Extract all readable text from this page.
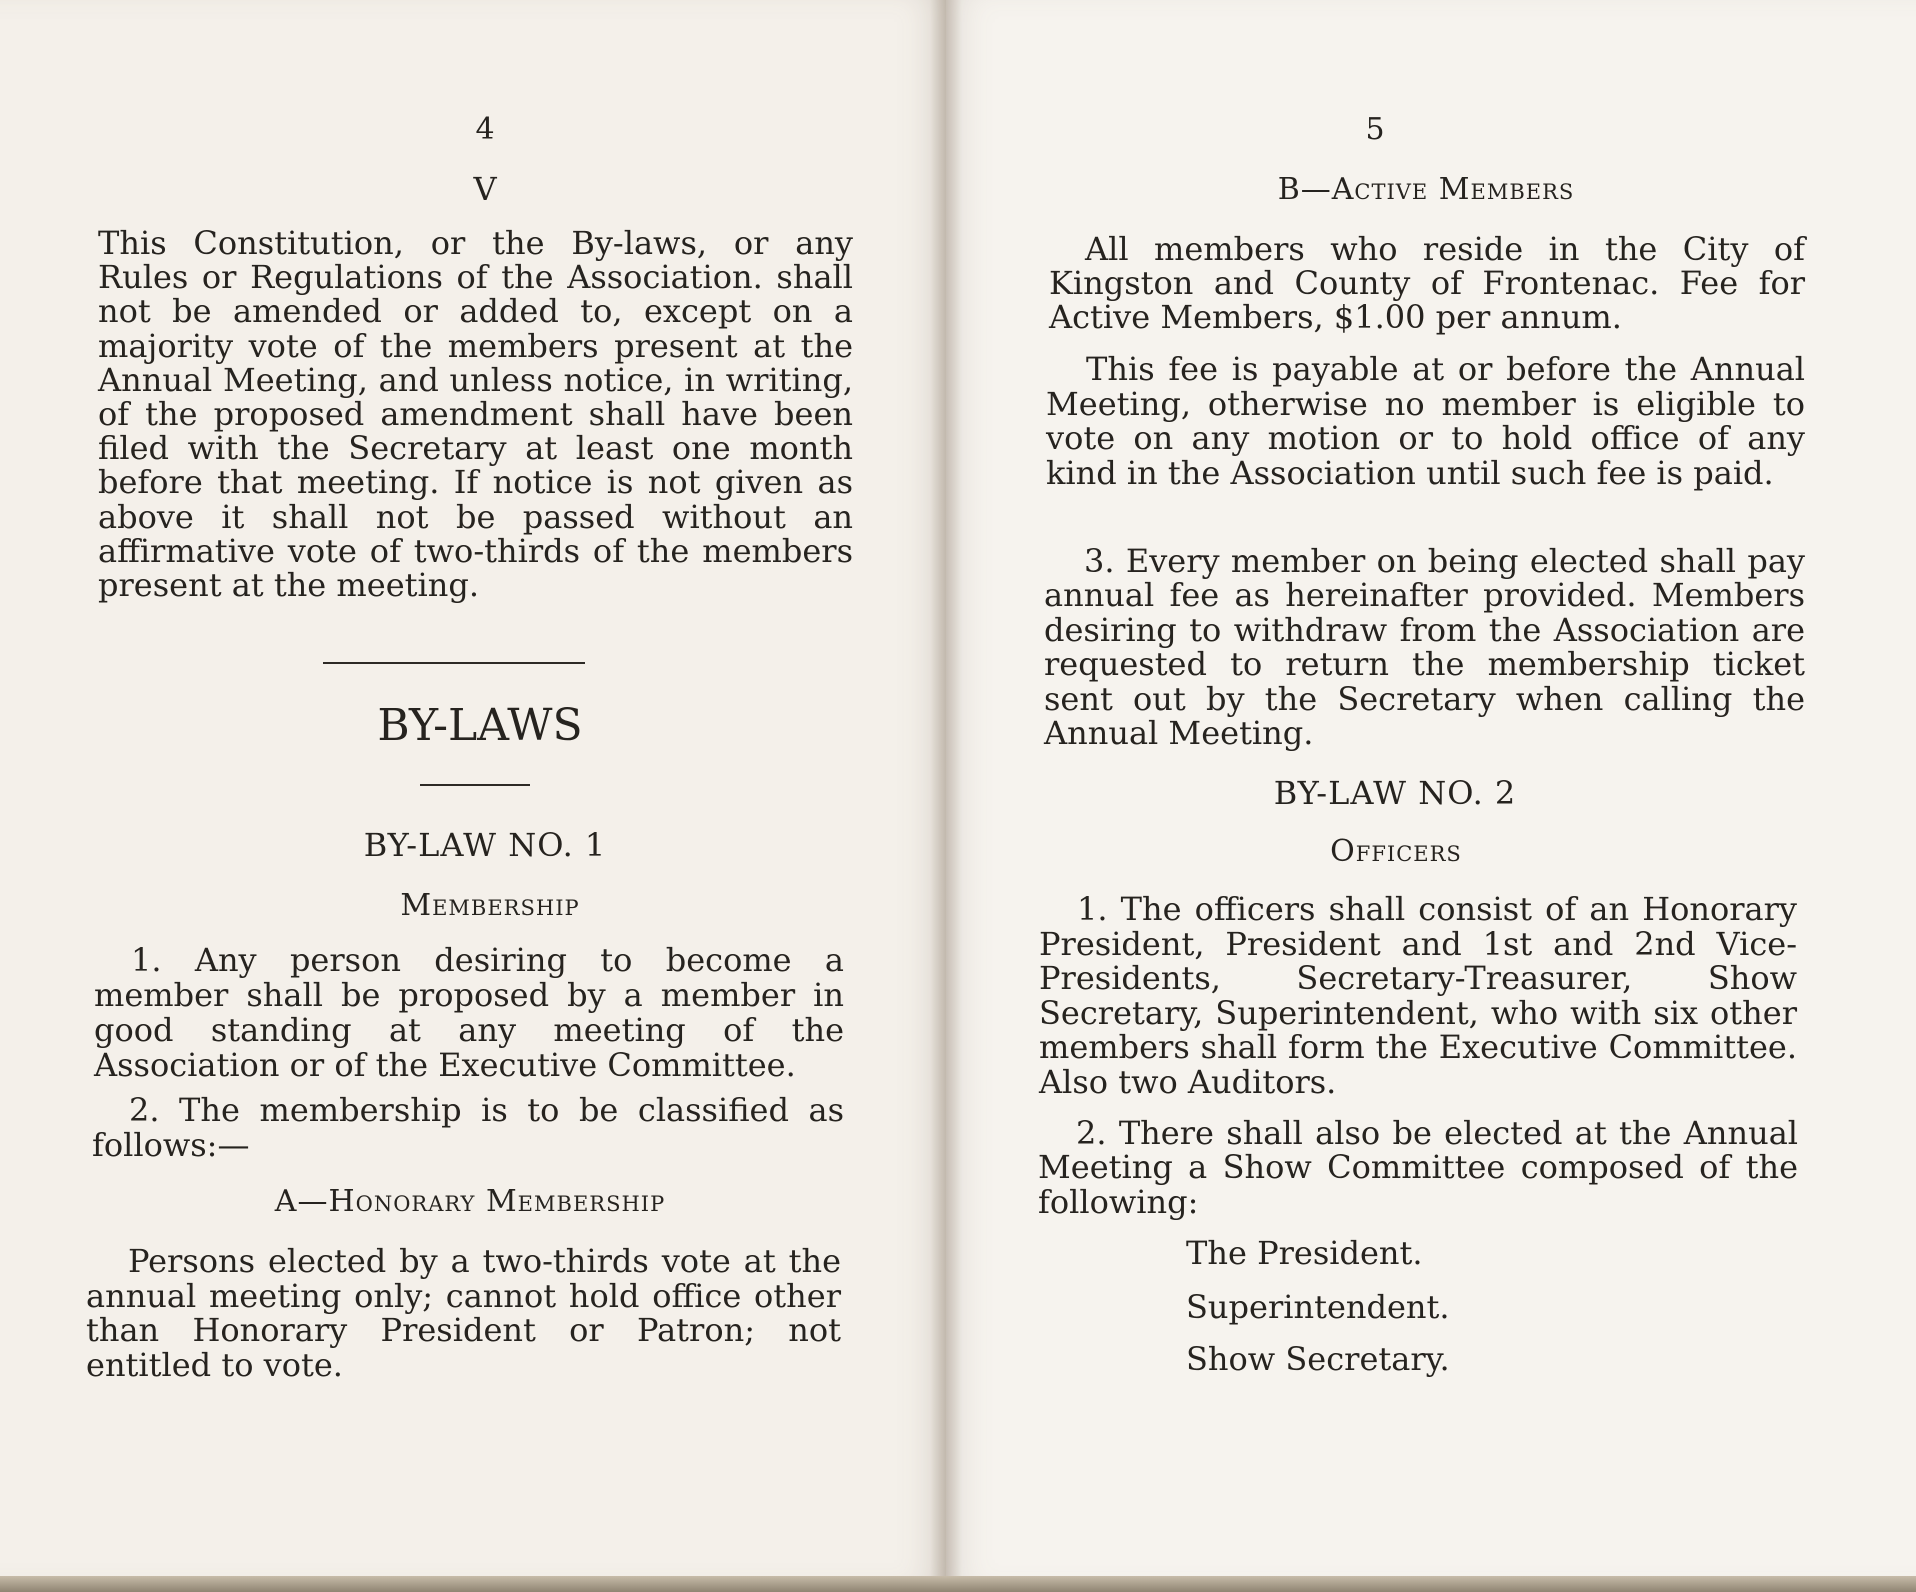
4
V

This Constitution, or the By-laws, or any Rules or Regulations of the Association. shall not be amended or added to, except on a majority vote of the members present at the Annual Meeting, and unless notice, in writing, of the proposed amendment shall have been filed with the Secretary at least one month before that meeting. If notice is not given as above it shall not be passed without an affirmative vote of two-thirds of the members present at the meeting.

BY-LAWS
BY-LAW NO. 1
Membership

1. Any person desiring to become a member shall be proposed by a member in good standing at any meeting of the Association or of the Executive Committee.

2. The membership is to be classified as follows:—

A—Honorary Membership

Persons elected by a two-thirds vote at the annual meeting only; cannot hold office other than Honorary President or Patron; not entitled to vote.

5
B—Active Members

All members who reside in the City of Kingston and County of Frontenac. Fee for Active Members, $1.00 per annum.

This fee is payable at or before the Annual Meeting, otherwise no member is eligible to vote on any motion or to hold office of any kind in the Association until such fee is paid.

3. Every member on being elected shall pay annual fee as hereinafter provided. Members desiring to withdraw from the Association are requested to return the membership ticket sent out by the Secretary when calling the Annual Meeting.

BY-LAW NO. 2
Officers

1. The officers shall consist of an Honorary President, President and 1st and 2nd Vice-Presidents, Secretary-Treasurer, Show Secretary, Superintendent, who with six other members shall form the Executive Committee. Also two Auditors.

2. There shall also be elected at the Annual Meeting a Show Committee composed of the following:

The President.
Superintendent.
Show Secretary.
